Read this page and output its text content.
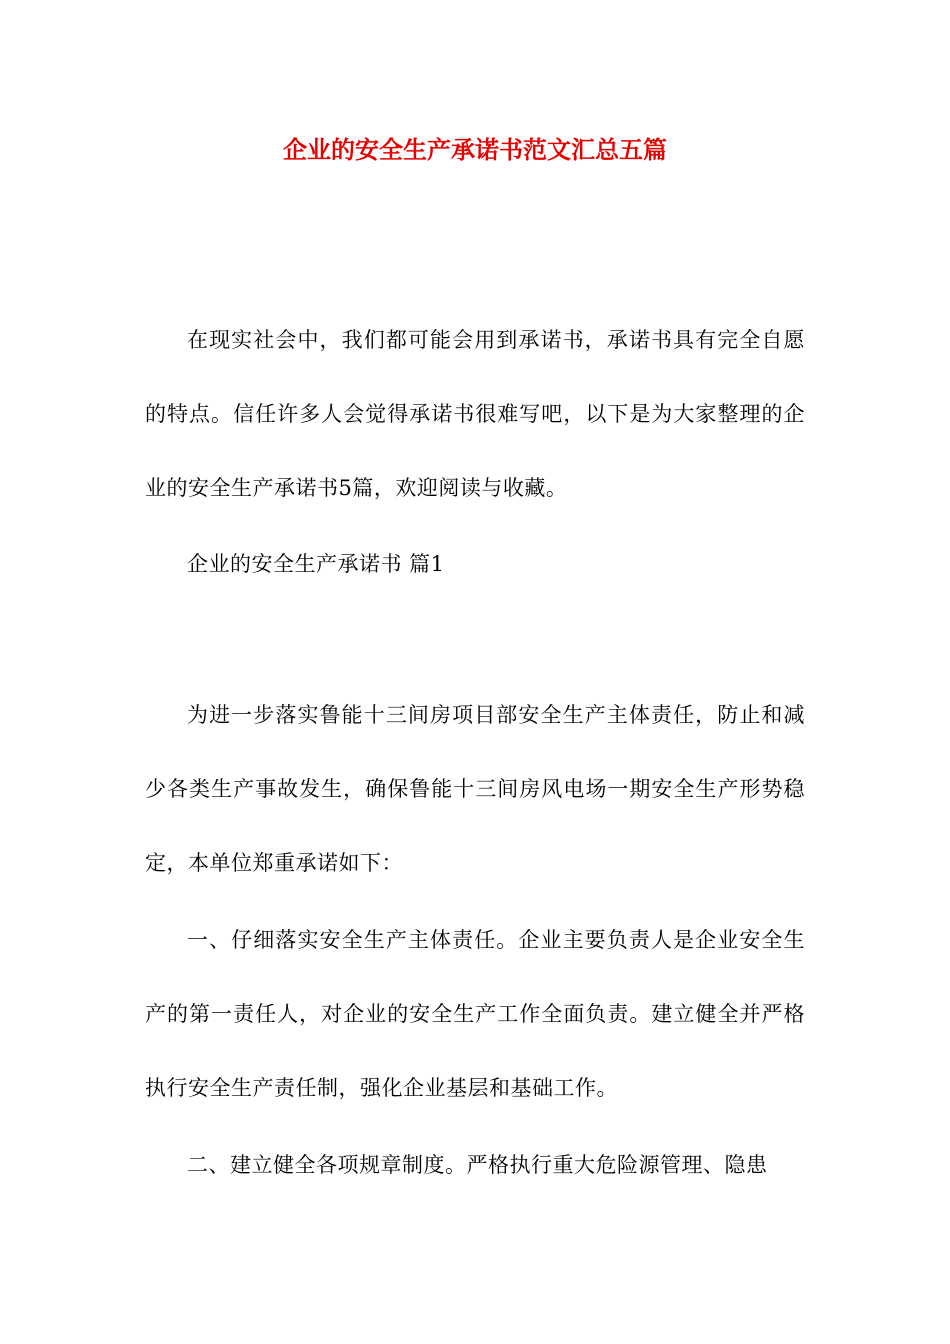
企业的安全生产承诺书范文汇总五篇

在现实社会中，我们都可能会用到承诺书，承诺书具有完全自愿的特点。信任许多人会觉得承诺书很难写吧，以下是为大家整理的企业的安全生产承诺书5篇，欢迎阅读与收藏。

企业的安全生产承诺书 篇1

为进一步落实鲁能十三间房项目部安全生产主体责任，防止和减少各类生产事故发生，确保鲁能十三间房风电场一期安全生产形势稳定，本单位郑重承诺如下：

一、仔细落实安全生产主体责任。企业主要负责人是企业安全生产的第一责任人，对企业的安全生产工作全面负责。建立健全并严格执行安全生产责任制，强化企业基层和基础工作。

二、建立健全各项规章制度。严格执行重大危险源管理、隐患
